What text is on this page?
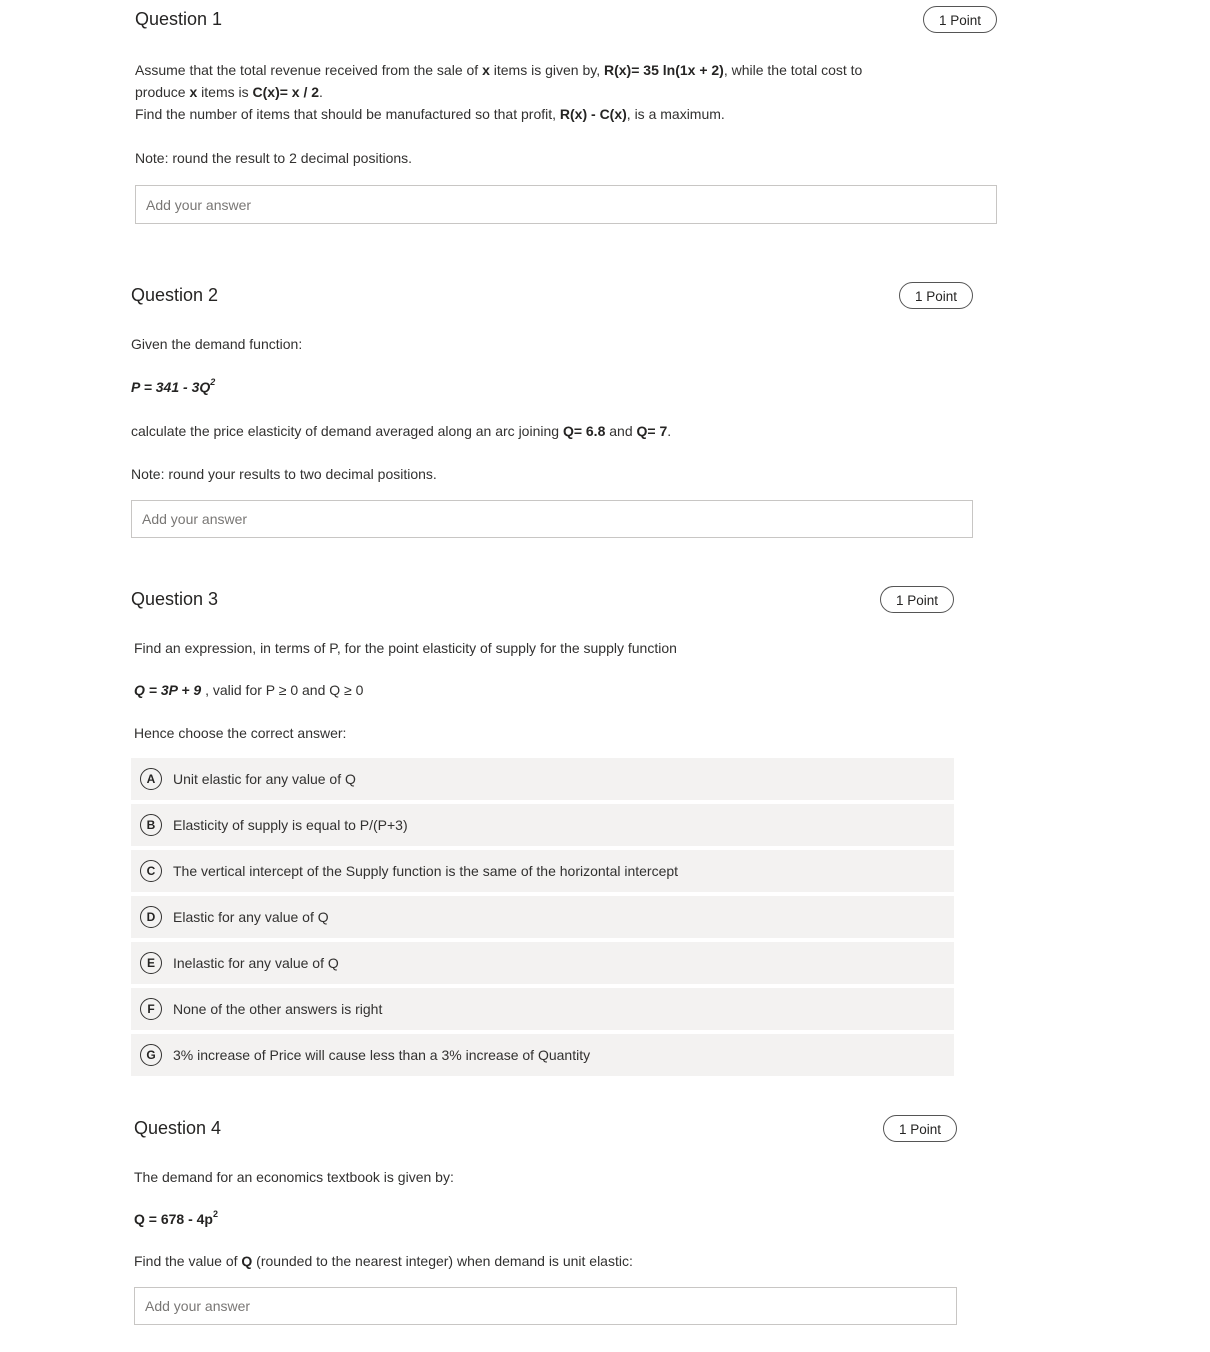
Question 1	1 Point

Assume that the total revenue received from the sale of x items is given by, R(x)= 35 ln(1x + 2), while the total cost to

produce x items is C(x)= x / 2.

Find the number of items that should be manufactured so that profit, R(x) - C(x), is a maximum.

Note: round the result to 2 decimal positions.

Add your answer
Question 2	1 Point

Given the demand function:

$P = 341 - 3Q^2$

calculate the price elasticity of demand averaged along an arc joining Q= 6.8 and Q= 7.

Note: round your results to two decimal positions.

Add your answer
Question 3	1 Point

Find an expression, in terms of P, for the point elasticity of supply for the supply function

Q = 3P + 9 , valid for P ≥ 0 and Q ≥ 0

Hence choose the correct answer:

A	Unit elastic for any value of Q
B	Elasticity of supply is equal to P/(P+3)
C	The vertical intercept of the Supply function is the same of the horizontal intercept
D	Elastic for any value of Q
E	Inelastic for any value of Q
F	None of the other answers is right
G	3% increase of Price will cause less than a 3% increase of Quantity
Question 4	1 Point

The demand for an economics textbook is given by:

$Q = 678 - 4p^2$

Find the value of Q (rounded to the nearest integer) when demand is unit elastic:

Add your answer
